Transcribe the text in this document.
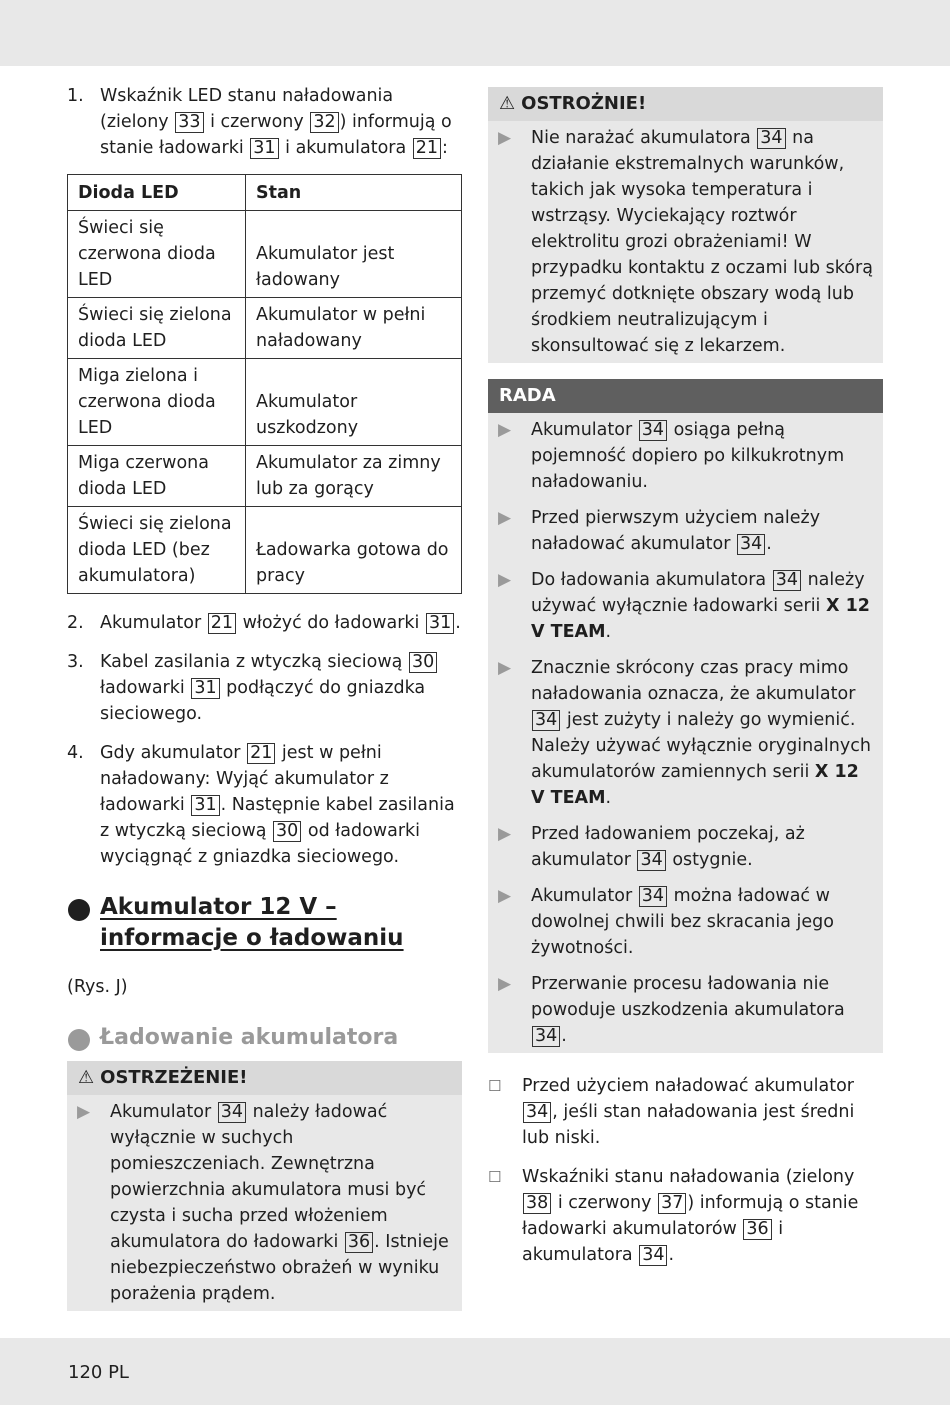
1. Wskaźnik LED stanu naładowania (zielony 33 i czerwony 32 ) informują o stanie ładowarki 31 i akumulatora 21 :
Dioda LED	Stan
Świeci się czerwona dioda LED	Akumulator jest ładowany
Świeci się zielona dioda LED	Akumulator w pełni naładowany
Miga zielona i czerwona dioda LED	Akumulator uszkodzony
Miga czerwona dioda LED	Akumulator za zimny lub za gorący
Świeci się zielona dioda LED (bez akumulatora)	Ładowarka gotowa do pracy
2. Akumulator 21 włożyć do ładowarki 31 .
3. Kabel zasilania z wtyczką sieciową 30 ładowarki 31 podłączyć do gniazdka sieciowego.
4. Gdy akumulator 21 jest w pełni naładowany: Wyjąć akumulator z ładowarki 31 . Następnie kabel zasilania z wtyczką sieciową 30 od ładowarki wyciągnąć z gniazdka sieciowego.
Akumulator 12 V – informacje o ładowaniu
(Rys. J)
Ładowanie akumulatora
⚠ OSTRZEŻENIE!
▶	Akumulator 34 należy ładować wyłącznie w suchych pomieszczeniach. Zewnętrzna powierzchnia akumulatora musi być czysta i sucha przed włożeniem akumulatora do ładowarki 36 . Istnieje niebezpieczeństwo obrażeń w wyniku porażenia prądem.
⚠ OSTROŻNIE!
▶	Nie narażać akumulatora 34 na działanie ekstremalnych warunków, takich jak wysoka temperatura i wstrząsy. Wyciekający roztwór elektrolitu grozi obrażeniami! W przypadku kontaktu z oczami lub skórą przemyć dotknięte obszary wodą lub środkiem neutralizującym i skonsultować się z lekarzem.
RADA
▶	Akumulator 34 osiąga pełną pojemność dopiero po kilkukrotnym naładowaniu.
▶	Przed pierwszym użyciem należy naładować akumulator 34 .
▶	Do ładowania akumulatora 34 należy używać wyłącznie ładowarki serii X 12 V TEAM.
▶	Znacznie skrócony czas pracy mimo naładowania oznacza, że akumulator 34 jest zużyty i należy go wymienić. Należy używać wyłącznie oryginalnych akumulatorów zamiennych serii X 12 V TEAM.
▶	Przed ładowaniem poczekaj, aż akumulator 34 ostygnie.
▶	Akumulator 34 można ładować w dowolnej chwili bez skracania jego żywotności.
▶	Przerwanie procesu ładowania nie powoduje uszkodzenia akumulatora 34 .
☐	Przed użyciem naładować akumulator 34 , jeśli stan naładowania jest średni lub niski.
☐	Wskaźniki stanu naładowania (zielony 38 i czerwony 37 ) informują o stanie ładowarki akumulatorów 36 i akumulatora 34 .
120 PL
